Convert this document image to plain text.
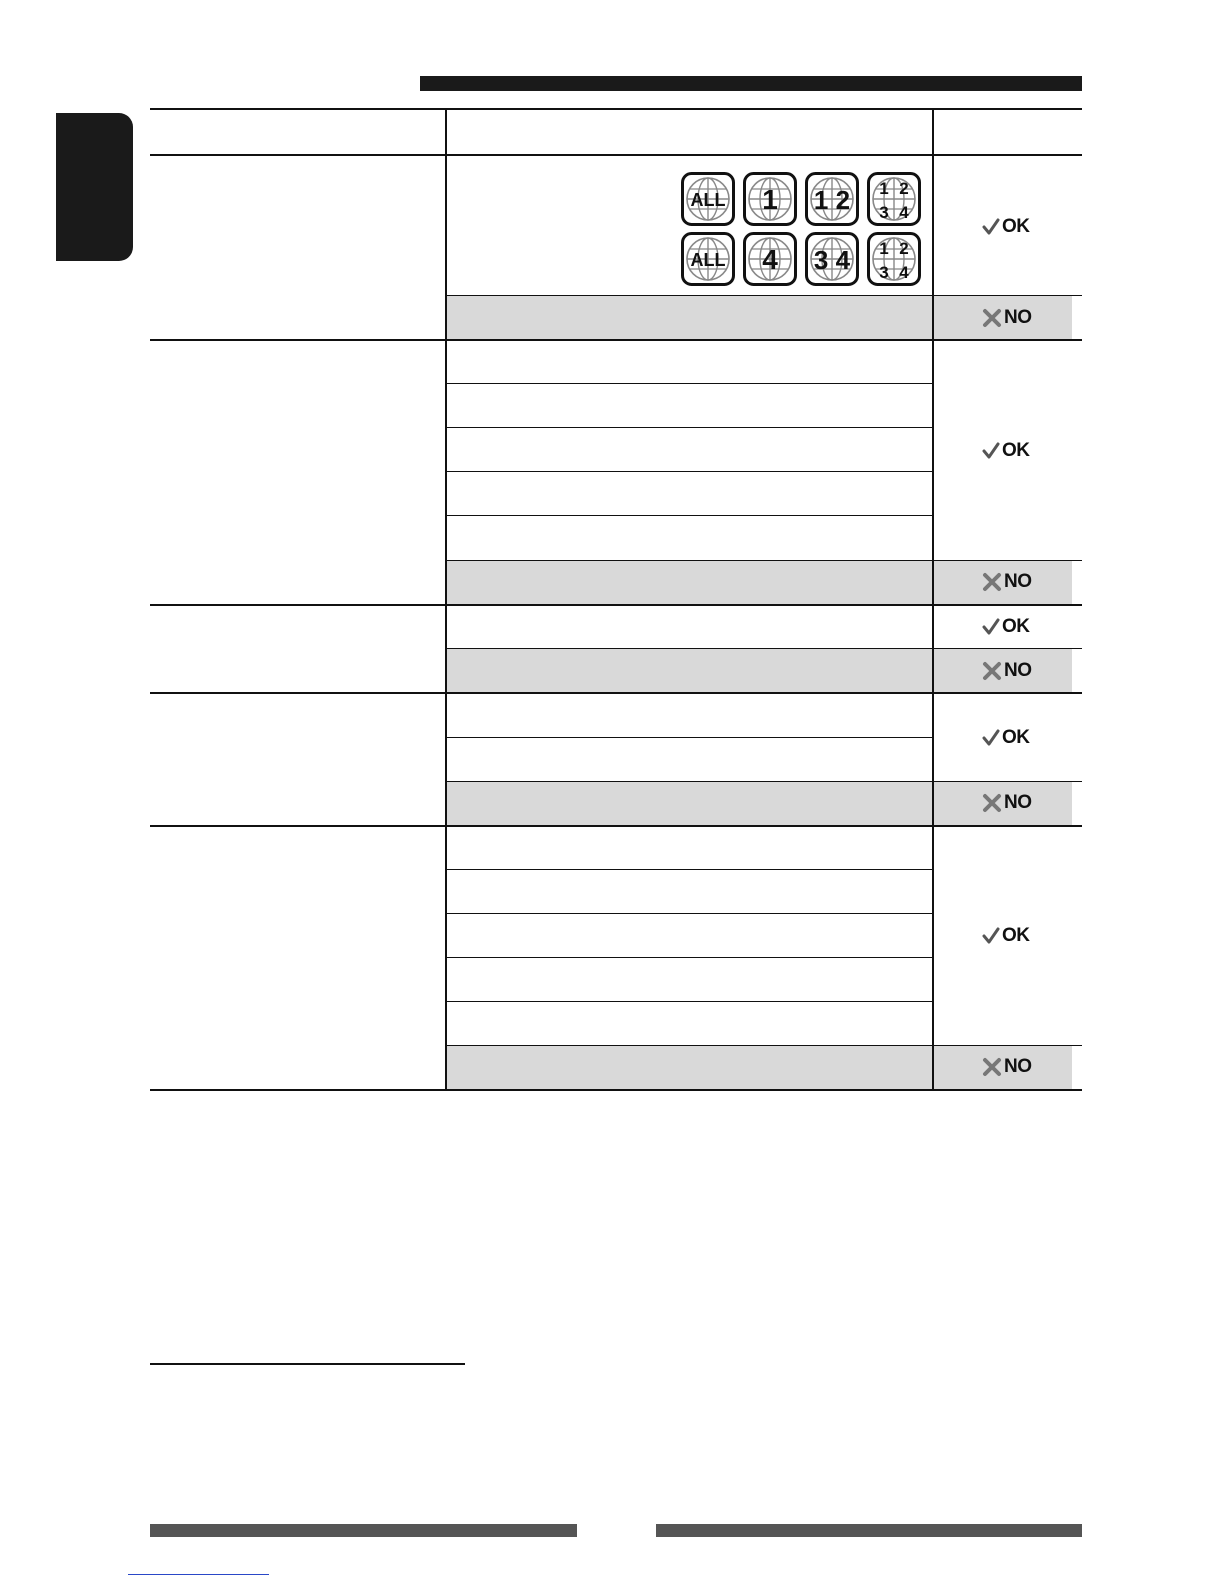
ALL 1 1 2 1 2
3 4
ALL 4 3 4 1 2
3 4
OK
NO
OK
NO
OK
NO
OK
NO
OK
NO
